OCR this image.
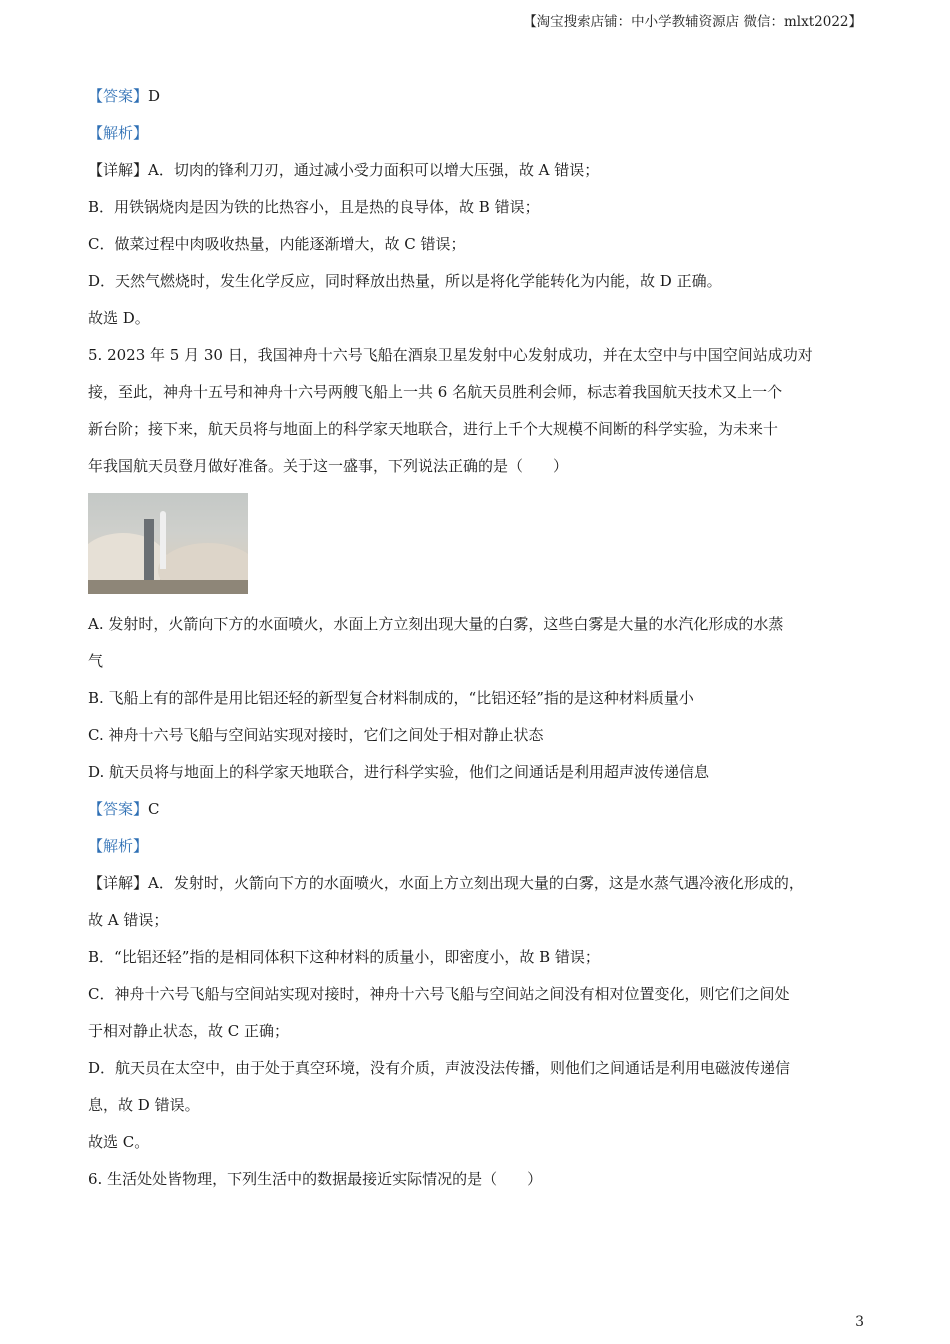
【淘宝搜索店铺：中小学教辅资源店 微信：mlxt2022】
【答案】D
【解析】
【详解】A．切肉的锋利刀刃，通过减小受力面积可以增大压强，故 A 错误；
B．用铁锅烧肉是因为铁的比热容小，且是热的良导体，故 B 错误；
C．做菜过程中肉吸收热量，内能逐渐增大，故 C 错误；
D．天然气燃烧时，发生化学反应，同时释放出热量，所以是将化学能转化为内能，故 D 正确。
故选 D。
5. 2023 年 5 月 30 日，我国神舟十六号飞船在酒泉卫星发射中心发射成功，并在太空中与中国空间站成功对
接，至此，神舟十五号和神舟十六号两艘飞船上一共 6 名航天员胜利会师，标志着我国航天技术又上一个
新台阶；接下来，航天员将与地面上的科学家天地联合，进行上千个大规模不间断的科学实验，为未来十
年我国航天员登月做好准备。关于这一盛事，下列说法正确的是（　　）
A. 发射时，火箭向下方的水面喷火，水面上方立刻出现大量的白雾，这些白雾是大量的水汽化形成的水蒸
气
B. 飞船上有的部件是用比铝还轻的新型复合材料制成的，“比铝还轻”指的是这种材料质量小
C. 神舟十六号飞船与空间站实现对接时，它们之间处于相对静止状态
D. 航天员将与地面上的科学家天地联合，进行科学实验，他们之间通话是利用超声波传递信息
【答案】C
【解析】
【详解】A．发射时，火箭向下方的水面喷火，水面上方立刻出现大量的白雾，这是水蒸气遇冷液化形成的，
故 A 错误；
B．“比铝还轻”指的是相同体积下这种材料的质量小，即密度小，故 B 错误；
C．神舟十六号飞船与空间站实现对接时，神舟十六号飞船与空间站之间没有相对位置变化，则它们之间处
于相对静止状态，故 C 正确；
D．航天员在太空中，由于处于真空环境，没有介质，声波没法传播，则他们之间通话是利用电磁波传递信
息，故 D 错误。
故选 C。
6. 生活处处皆物理，下列生活中的数据最接近实际情况的是（　　）
3
